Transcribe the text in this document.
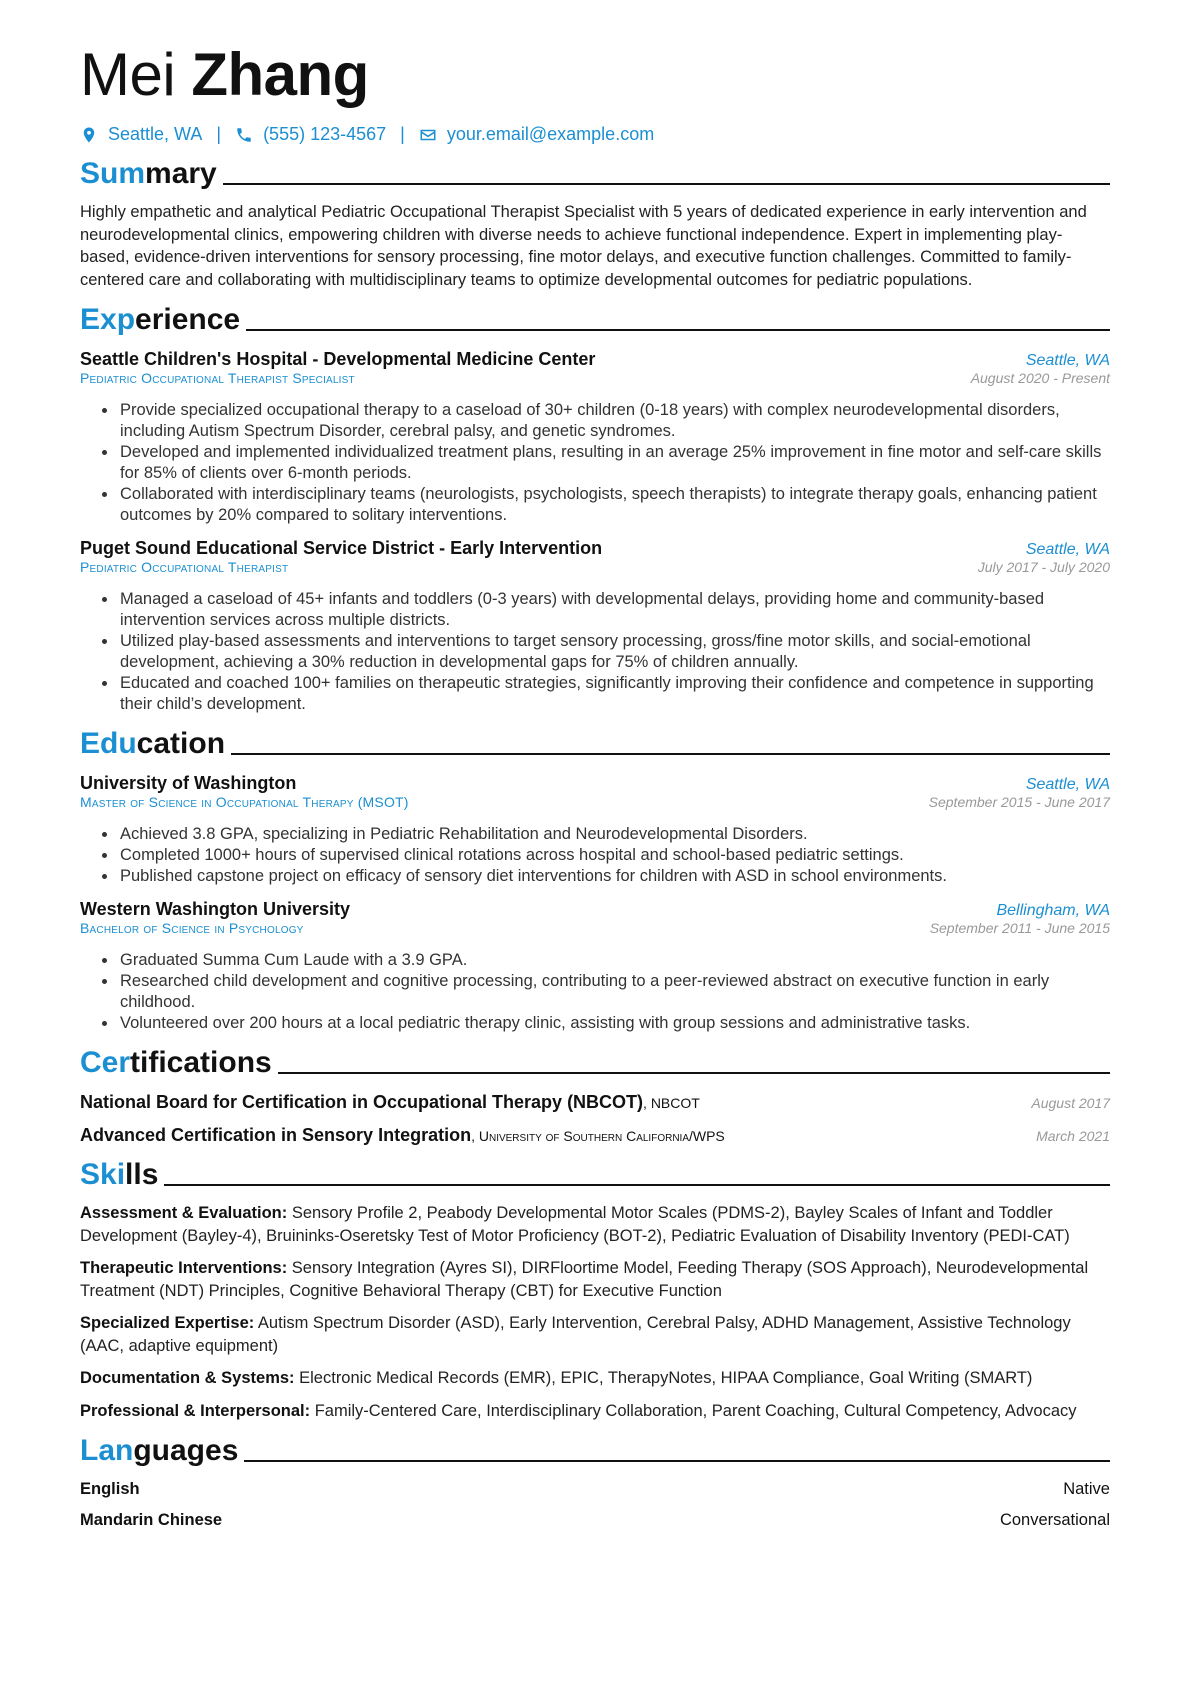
Mei Zhang
Seattle, WA | (555) 123-4567 | your.email@example.com
Summary
Highly empathetic and analytical Pediatric Occupational Therapist Specialist with 5 years of dedicated experience in early intervention and neurodevelopmental clinics, empowering children with diverse needs to achieve functional independence. Expert in implementing play-based, evidence-driven interventions for sensory processing, fine motor delays, and executive function challenges. Committed to family-centered care and collaborating with multidisciplinary teams to optimize developmental outcomes for pediatric populations.
Experience
Seattle Children's Hospital - Developmental Medicine Center	Seattle, WA
Pediatric Occupational Therapist Specialist	August 2020 - Present
• Provide specialized occupational therapy to a caseload of 30+ children (0-18 years) with complex neurodevelopmental disorders, including Autism Spectrum Disorder, cerebral palsy, and genetic syndromes.
• Developed and implemented individualized treatment plans, resulting in an average 25% improvement in fine motor and self-care skills for 85% of clients over 6-month periods.
• Collaborated with interdisciplinary teams (neurologists, psychologists, speech therapists) to integrate therapy goals, enhancing patient outcomes by 20% compared to solitary interventions.
Puget Sound Educational Service District - Early Intervention	Seattle, WA
Pediatric Occupational Therapist	July 2017 - July 2020
• Managed a caseload of 45+ infants and toddlers (0-3 years) with developmental delays, providing home and community-based intervention services across multiple districts.
• Utilized play-based assessments and interventions to target sensory processing, gross/fine motor skills, and social-emotional development, achieving a 30% reduction in developmental gaps for 75% of children annually.
• Educated and coached 100+ families on therapeutic strategies, significantly improving their confidence and competence in supporting their child’s development.
Education
University of Washington	Seattle, WA
Master of Science in Occupational Therapy (MSOT)	September 2015 - June 2017
• Achieved 3.8 GPA, specializing in Pediatric Rehabilitation and Neurodevelopmental Disorders.
• Completed 1000+ hours of supervised clinical rotations across hospital and school-based pediatric settings.
• Published capstone project on efficacy of sensory diet interventions for children with ASD in school environments.
Western Washington University	Bellingham, WA
Bachelor of Science in Psychology	September 2011 - June 2015
• Graduated Summa Cum Laude with a 3.9 GPA.
• Researched child development and cognitive processing, contributing to a peer-reviewed abstract on executive function in early childhood.
• Volunteered over 200 hours at a local pediatric therapy clinic, assisting with group sessions and administrative tasks.
Certifications
National Board for Certification in Occupational Therapy (NBCOT), NBCOT	August 2017
Advanced Certification in Sensory Integration, University of Southern California/WPS	March 2021
Skills
Assessment & Evaluation: Sensory Profile 2, Peabody Developmental Motor Scales (PDMS-2), Bayley Scales of Infant and Toddler Development (Bayley-4), Bruininks-Oseretsky Test of Motor Proficiency (BOT-2), Pediatric Evaluation of Disability Inventory (PEDI-CAT)
Therapeutic Interventions: Sensory Integration (Ayres SI), DIRFloortime Model, Feeding Therapy (SOS Approach), Neurodevelopmental Treatment (NDT) Principles, Cognitive Behavioral Therapy (CBT) for Executive Function
Specialized Expertise: Autism Spectrum Disorder (ASD), Early Intervention, Cerebral Palsy, ADHD Management, Assistive Technology (AAC, adaptive equipment)
Documentation & Systems: Electronic Medical Records (EMR), EPIC, TherapyNotes, HIPAA Compliance, Goal Writing (SMART)
Professional & Interpersonal: Family-Centered Care, Interdisciplinary Collaboration, Parent Coaching, Cultural Competency, Advocacy
Languages
English	Native
Mandarin Chinese	Conversational
